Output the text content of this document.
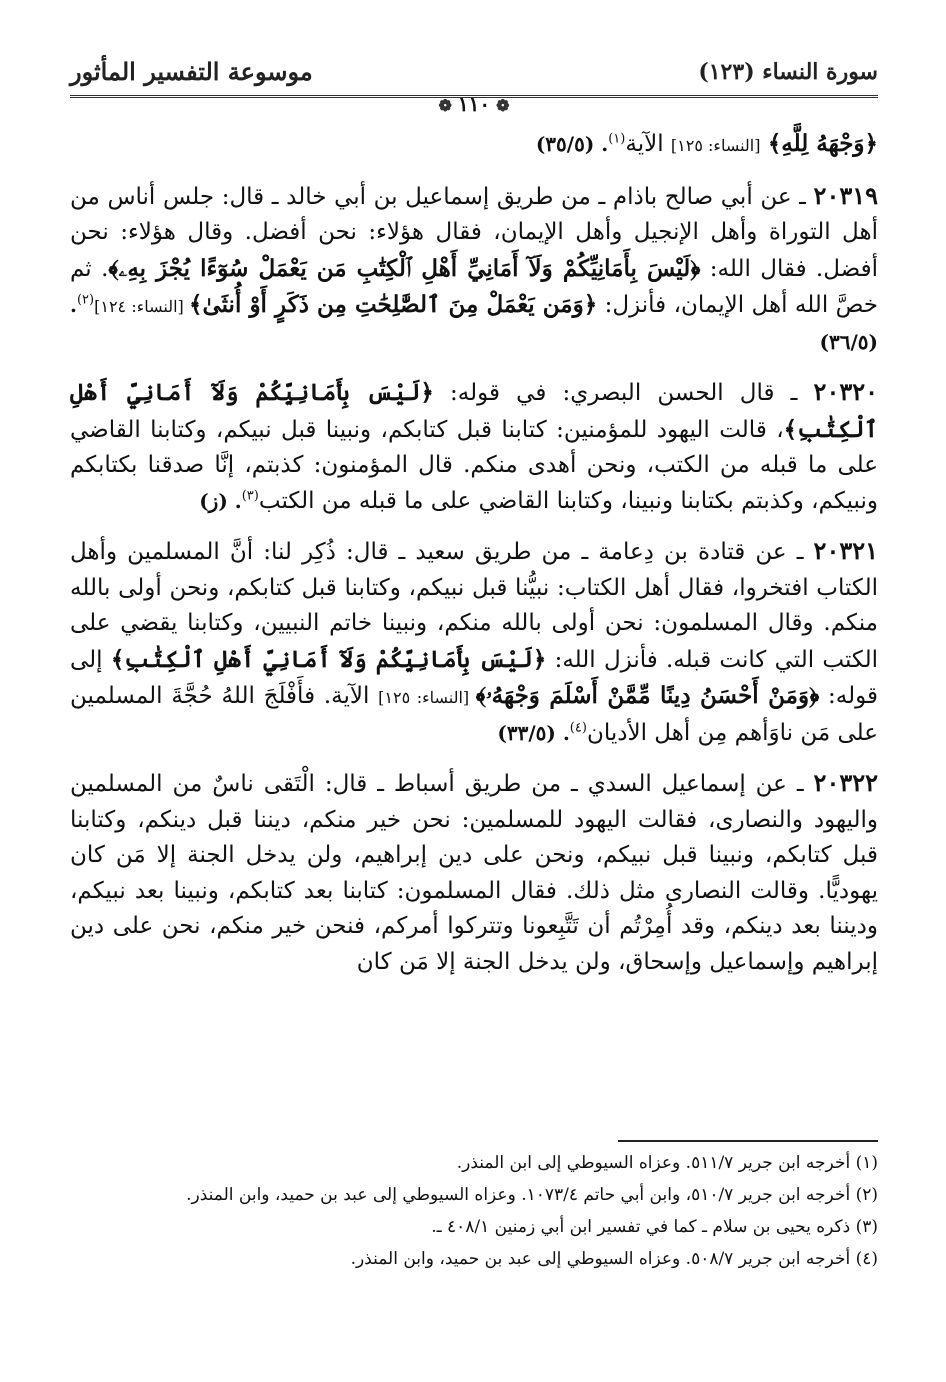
سورة النساء (١٢٣)
موسوعة التفسير المأثور
❁١١٠❁

﴿وَجْهَهُ لِلَّهِ﴾ [النساء: ١٢٥] الآية$^{(١)}$. (٣٥/٥)

٢٠٣١٩ ـ عن أبي صالح باذام ـ من طريق إسماعيل بن أبي خالد ـ قال: جلس أناس من أهل التوراة وأهل الإنجيل وأهل الإيمان، فقال هؤلاء: نحن أفضل. وقال هؤلاء: نحن أفضل. فقال الله: ﴿لَيْسَ بِأَمَانِيِّكُمْ وَلَآ أَمَانِيِّ أَهْلِ ٱلْكِتَٰبِ مَن يَعْمَلْ سُوٓءًا يُجْزَ بِهِۦ﴾. ثم خصَّ الله أهل الإيمان، فأنزل: ﴿وَمَن يَعْمَلْ مِنَ ٱلصَّٰلِحَٰتِ مِن ذَكَرٍ أَوْ أُنثَىٰ﴾ [النساء: ١٢٤]$^{(٢)}$. (٣٦/٥)

٢٠٣٢٠ ـ قال الحسن البصري: في قوله: ﴿لَيْسَ بِأَمَانِيِّكُمْ وَلَآ أَمَانِيِّ أَهْلِ ٱلْكِتَٰبِ﴾، قالت اليهود للمؤمنين: كتابنا قبل كتابكم، ونبينا قبل نبيكم، وكتابنا القاضي على ما قبله من الكتب، ونحن أهدى منكم. قال المؤمنون: كذبتم، إنَّا صدقنا بكتابكم ونبيكم، وكذبتم بكتابنا ونبينا، وكتابنا القاضي على ما قبله من الكتب$^{(٣)}$. (ز)

٢٠٣٢١ ـ عن قتادة بن دِعامة ـ من طريق سعيد ـ قال: ذُكِر لنا: أنَّ المسلمين وأهل الكتاب افتخروا، فقال أهل الكتاب: نبيُّنا قبل نبيكم، وكتابنا قبل كتابكم، ونحن أولى بالله منكم. وقال المسلمون: نحن أولى بالله منكم، ونبينا خاتم النبيين، وكتابنا يقضي على الكتب التي كانت قبله. فأنزل الله: ﴿لَيْسَ بِأَمَانِيِّكُمْ وَلَآ أَمَانِيِّ أَهْلِ ٱلْكِتَٰبِ﴾ إلى قوله: ﴿وَمَنْ أَحْسَنُ دِينًا مِّمَّنْ أَسْلَمَ وَجْهَهُۥ﴾ [النساء: ١٢٥] الآية. فأَفْلَجَ اللهُ حُجَّةَ المسلمين على مَن ناوَأهم مِن أهل الأديان$^{(٤)}$. (٣٣/٥)

٢٠٣٢٢ ـ عن إسماعيل السدي ـ من طريق أسباط ـ قال: الْتَقى ناسٌ من المسلمين واليهود والنصارى، فقالت اليهود للمسلمين: نحن خير منكم، ديننا قبل دينكم، وكتابنا قبل كتابكم، ونبينا قبل نبيكم، ونحن على دين إبراهيم، ولن يدخل الجنة إلا مَن كان يهوديًّا. وقالت النصارى مثل ذلك. فقال المسلمون: كتابنا بعد كتابكم، ونبينا بعد نبيكم، وديننا بعد دينكم، وقد أُمِرْتُم أن تَتَّبِعونا وتتركوا أمركم، فنحن خير منكم، نحن على دين إبراهيم وإسماعيل وإسحاق، ولن يدخل الجنة إلا مَن كان

(١) أخرجه ابن جرير ٥١١/٧. وعزاه السيوطي إلى ابن المنذر.

(٢) أخرجه ابن جرير ٥١٠/٧، وابن أبي حاتم ١٠٧٣/٤. وعزاه السيوطي إلى عبد بن حميد، وابن المنذر.

(٣) ذكره يحيى بن سلام ـ كما في تفسير ابن أبي زمنين ٤٠٨/١ ـ.

(٤) أخرجه ابن جرير ٥٠٨/٧. وعزاه السيوطي إلى عبد بن حميد، وابن المنذر.
